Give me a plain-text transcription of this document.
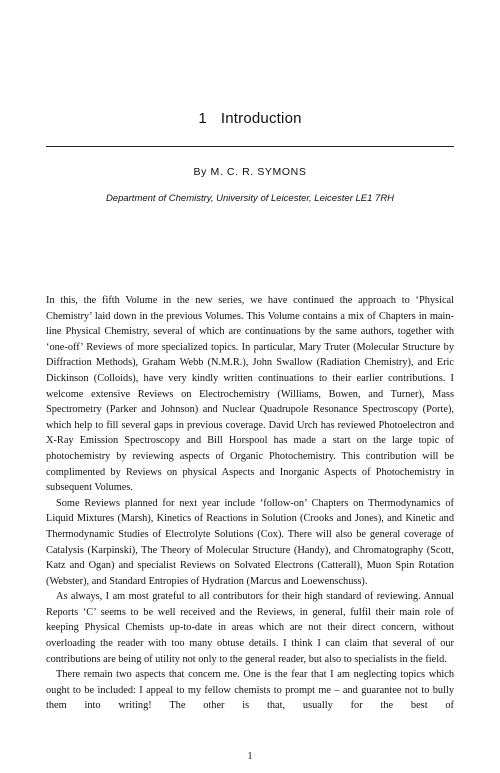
1 Introduction
By M. C. R. SYMONS
Department of Chemistry, University of Leicester, Leicester LE1 7RH

In this, the fifth Volume in the new series, we have continued the approach to ‘Physical Chemistry’ laid down in the previous Volumes. This Volume contains a mix of Chapters in main-line Physical Chemistry, several of which are continuations by the same authors, together with ‘one-off’ Reviews of more specialized topics. In particular, Mary Truter (Molecular Structure by Diffraction Methods), Graham Webb (N.M.R.), John Swallow (Radiation Chemistry), and Eric Dickinson (Colloids), have very kindly written continuations to their earlier contributions. I welcome extensive Reviews on Electrochemistry (Williams, Bowen, and Turner), Mass Spectrometry (Parker and Johnson) and Nuclear Quadrupole Resonance Spectroscopy (Porte), which help to fill several gaps in previous coverage. David Urch has reviewed Photoelectron and X-Ray Emission Spectroscopy and Bill Horspool has made a start on the large topic of photochemistry by reviewing aspects of Organic Photochemistry. This contribution will be complimented by Reviews on physical Aspects and Inorganic Aspects of Photochemistry in subsequent Volumes.

Some Reviews planned for next year include ‘follow-on’ Chapters on Thermodynamics of Liquid Mixtures (Marsh), Kinetics of Reactions in Solution (Crooks and Jones), and Kinetic and Thermodynamic Studies of Electrolyte Solutions (Cox). There will also be general coverage of Catalysis (Karpinski), The Theory of Molecular Structure (Handy), and Chromatography (Scott, Katz and Ogan) and specialist Reviews on Solvated Electrons (Catterall), Muon Spin Rotation (Webster), and Standard Entropies of Hydration (Marcus and Loewenschuss).

As always, I am most grateful to all contributors for their high standard of reviewing. Annual Reports ‘C’ seems to be well received and the Reviews, in general, fulfil their main role of keeping Physical Chemists up-to-date in areas which are not their direct concern, without overloading the reader with too many obtuse details. I think I can claim that several of our contributions are being of utility not only to the general reader, but also to specialists in the field.

There remain two aspects that concern me. One is the fear that I am neglecting topics which ought to be included: I appeal to my fellow chemists to prompt me – and guarantee not to bully them into writing! The other is that, usually for the best of

1
